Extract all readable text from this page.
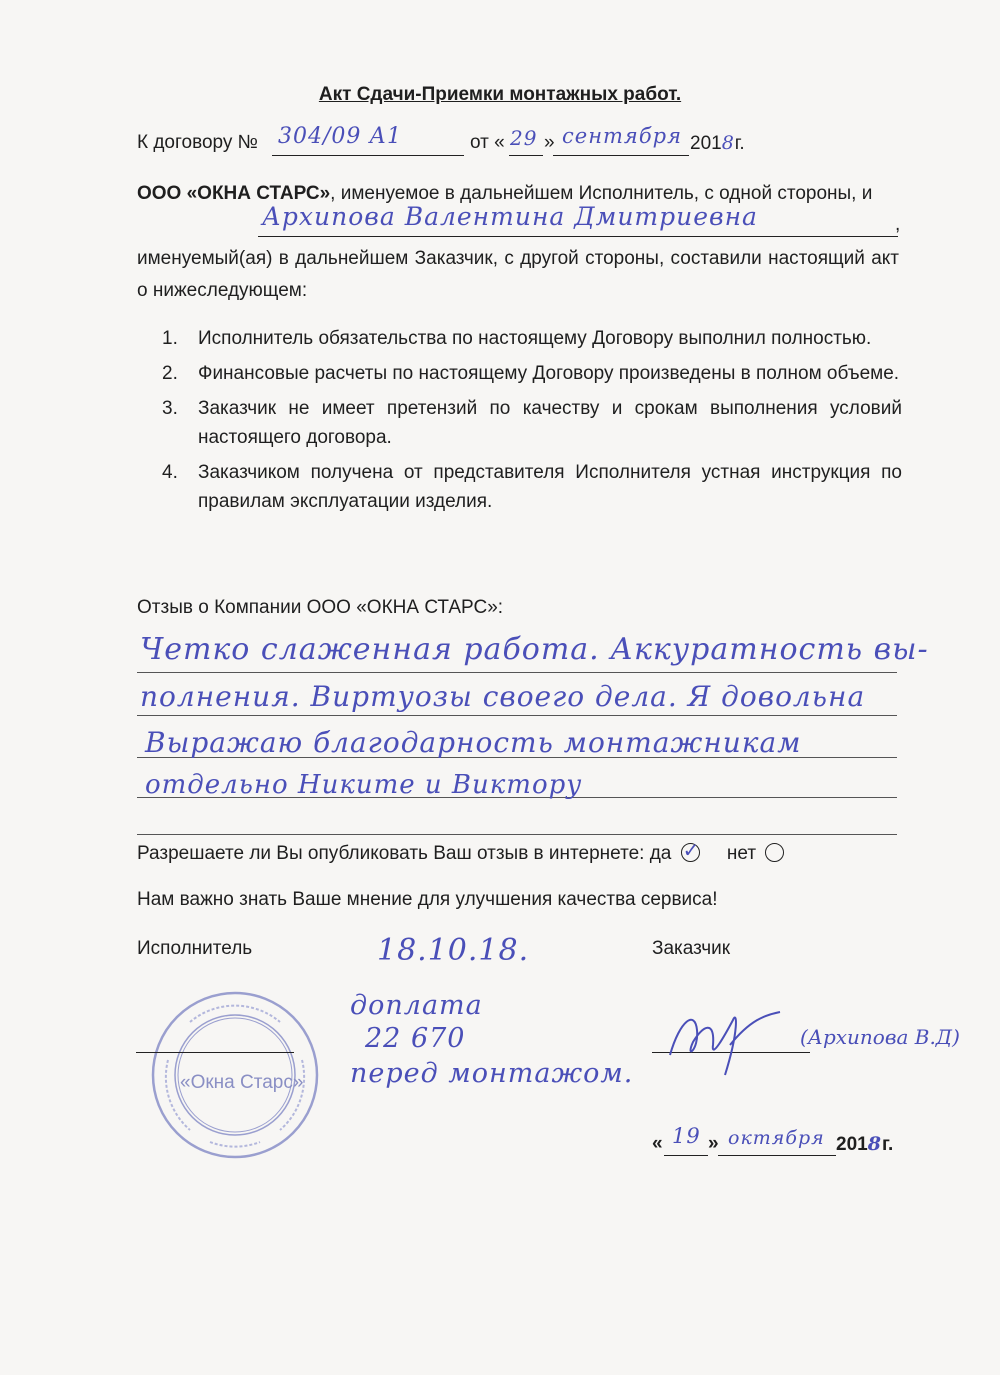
Акт Сдачи-Приемки монтажных работ.
К договору № 304/09 А1	от « 29 » сентября 2018г.
ООО «ОКНА СТАРС», именуемое в дальнейшем Исполнитель, с одной стороны, и
Архипова Валентина Дмитриевна	,
именуемый(ая) в дальнейшем Заказчик, с другой стороны, составили настоящий акт о нижеследующем:
1. Исполнитель обязательства по настоящему Договору выполнил полностью.
2. Финансовые расчеты по настоящему Договору произведены в полном объеме.
3. Заказчик не имеет претензий по качеству и срокам выполнения условий настоящего договора.
4. Заказчиком получена от представителя Исполнителя устная инструкция по правилам эксплуатации изделия.
Отзыв о Компании ООО «ОКНА СТАРС»:
Четко слаженная работа. Аккуратность вы-
полнения. Виртуозы своего дела. Я довольна
Выражаю благодарность монтажникам
отдельно Никите и Виктору
Разрешаете ли Вы опубликовать Ваш отзыв в интернете: да ✓ нет
Нам важно знать Ваше мнение для улучшения качества сервиса!
Исполнитель	Заказчик
18.10.18.
доплата
22 670
перед монтажом.
«Окна Старс»
(Архипова В.Д)
« 19 » октября 2018г.
